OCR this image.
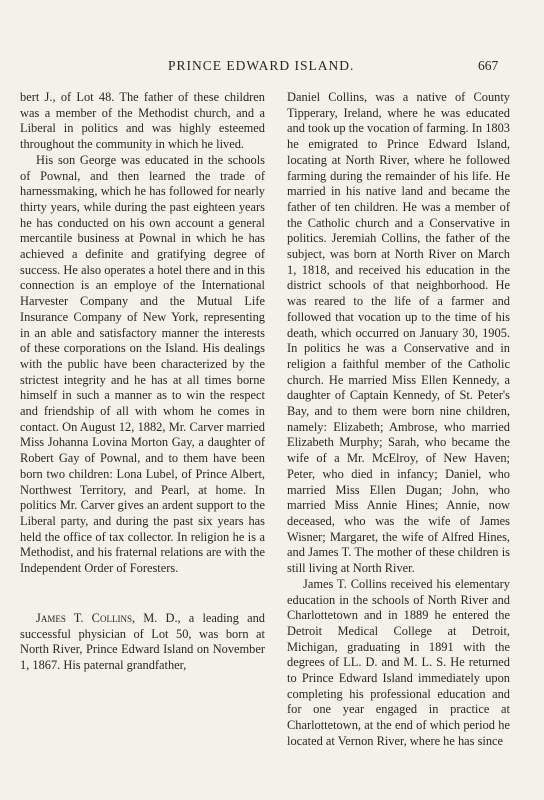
PRINCE EDWARD ISLAND.	667

bert J., of Lot 48. The father of these children was a member of the Methodist church, and a Liberal in politics and was highly esteemed throughout the community in which he lived.

His son George was educated in the schools of Pownal, and then learned the trade of harnessmaking, which he has followed for nearly thirty years, while during the past eighteen years he has conducted on his own account a general mercantile business at Pownal in which he has achieved a definite and gratifying degree of success. He also operates a hotel there and in this connection is an employe of the International Harvester Company and the Mutual Life Insurance Company of New York, representing in an able and satisfactory manner the interests of these corporations on the Island. His dealings with the public have been characterized by the strictest integrity and he has at all times borne himself in such a manner as to win the respect and friendship of all with whom he comes in contact. On August 12, 1882, Mr. Carver married Miss Johanna Lovina Morton Gay, a daughter of Robert Gay of Pownal, and to them have been born two children: Lona Lubel, of Prince Albert, Northwest Territory, and Pearl, at home. In politics Mr. Carver gives an ardent support to the Liberal party, and during the past six years has held the office of tax collector. In religion he is a Methodist, and his fraternal relations are with the Independent Order of Foresters.

James T. Collins, M. D., a leading and successful physician of Lot 50, was born at North River, Prince Edward Island on November 1, 1867. His paternal grandfather,

Daniel Collins, was a native of County Tipperary, Ireland, where he was educated and took up the vocation of farming. In 1803 he emigrated to Prince Edward Island, locating at North River, where he followed farming during the remainder of his life. He married in his native land and became the father of ten children. He was a member of the Catholic church and a Conservative in politics. Jeremiah Collins, the father of the subject, was born at North River on March 1, 1818, and received his education in the district schools of that neighborhood. He was reared to the life of a farmer and followed that vocation up to the time of his death, which occurred on January 30, 1905. In politics he was a Conservative and in religion a faithful member of the Catholic church. He married Miss Ellen Kennedy, a daughter of Captain Kennedy, of St. Peter's Bay, and to them were born nine children, namely: Elizabeth; Ambrose, who married Elizabeth Murphy; Sarah, who became the wife of a Mr. McElroy, of New Haven; Peter, who died in infancy; Daniel, who married Miss Ellen Dugan; John, who married Miss Annie Hines; Annie, now deceased, who was the wife of James Wisner; Margaret, the wife of Alfred Hines, and James T. The mother of these children is still living at North River.

James T. Collins received his elementary education in the schools of North River and Charlottetown and in 1889 he entered the Detroit Medical College at Detroit, Michigan, graduating in 1891 with the degrees of LL. D. and M. L. S. He returned to Prince Edward Island immediately upon completing his professional education and for one year engaged in practice at Charlottetown, at the end of which period he located at Vernon River, where he has since
